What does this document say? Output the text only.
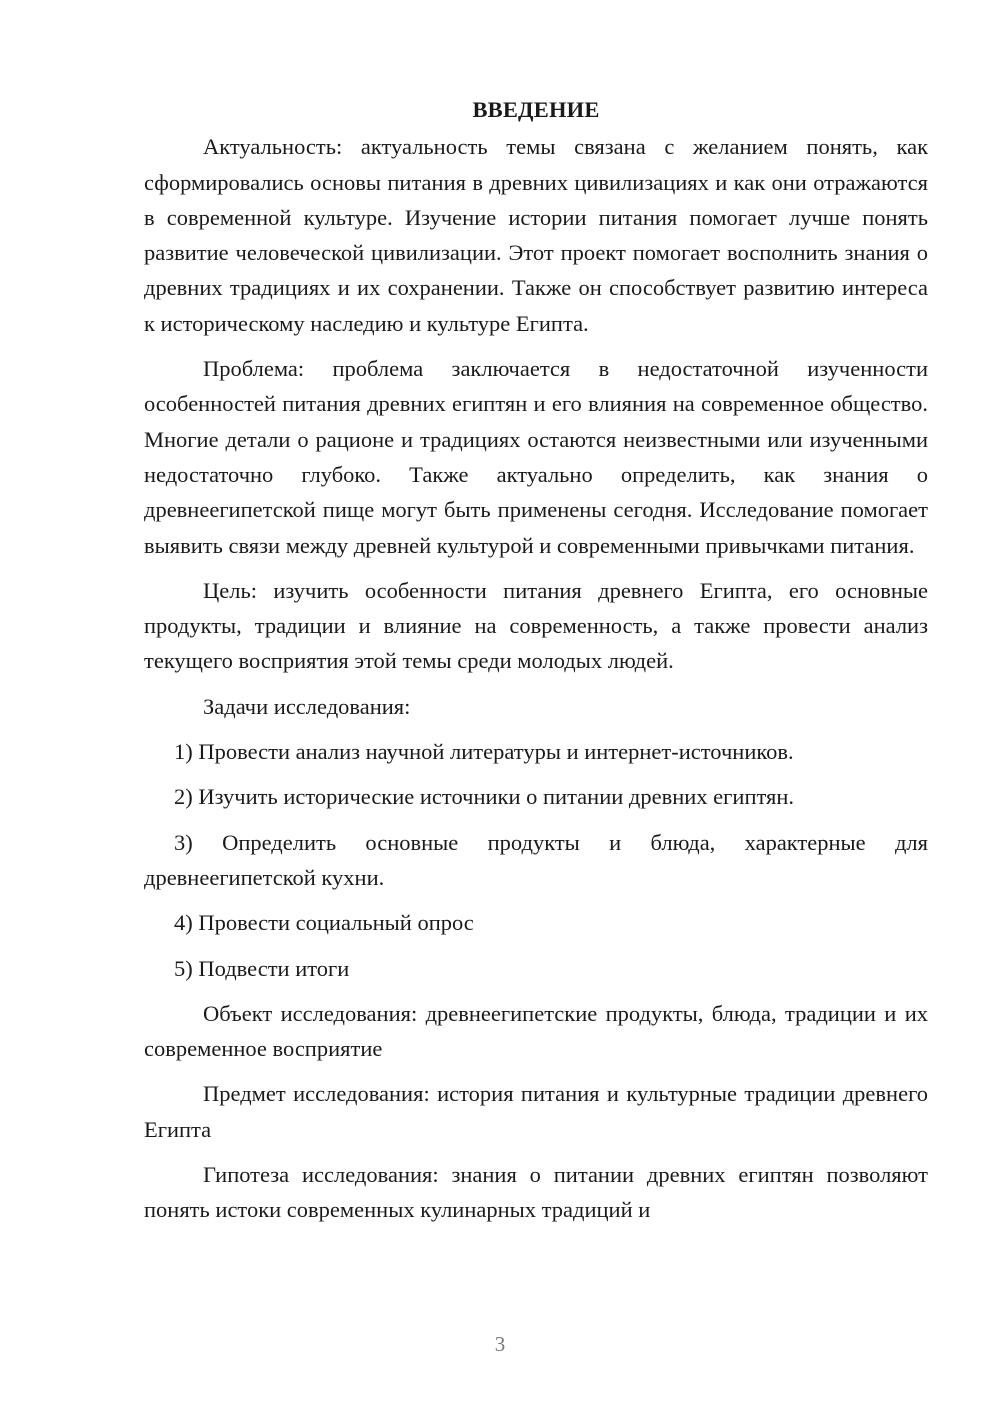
ВВЕДЕНИЕ

Актуальность: актуальность темы связана с желанием понять, как сформировались основы питания в древних цивилизациях и как они отражаются в современной культуре. Изучение истории питания помогает лучше понять развитие человеческой цивилизации. Этот проект помогает восполнить знания о древних традициях и их сохранении. Также он способствует развитию интереса к историческому наследию и культуре Египта.

Проблема: проблема заключается в недостаточной изученности особенностей питания древних египтян и его влияния на современное общество. Многие детали о рационе и традициях остаются неизвестными или изученными недостаточно глубоко. Также актуально определить, как знания о древнеегипетской пище могут быть применены сегодня. Исследование помогает выявить связи между древней культурой и современными привычками питания.

Цель: изучить особенности питания древнего Египта, его основные продукты, традиции и влияние на современность, а также провести анализ текущего восприятия этой темы среди молодых людей.

Задачи исследования:

1) Провести анализ научной литературы и интернет-источников.

2) Изучить исторические источники о питании древних египтян.

3) Определить основные продукты и блюда, характерные для древнеегипетской кухни.

4) Провести социальный опрос

5) Подвести итоги

Объект исследования: древнеегипетские продукты, блюда, традиции и их современное восприятие

Предмет исследования: история питания и культурные традиции древнего Египта

Гипотеза исследования: знания о питании древних египтян позволяют понять истоки современных кулинарных традиций и

3
